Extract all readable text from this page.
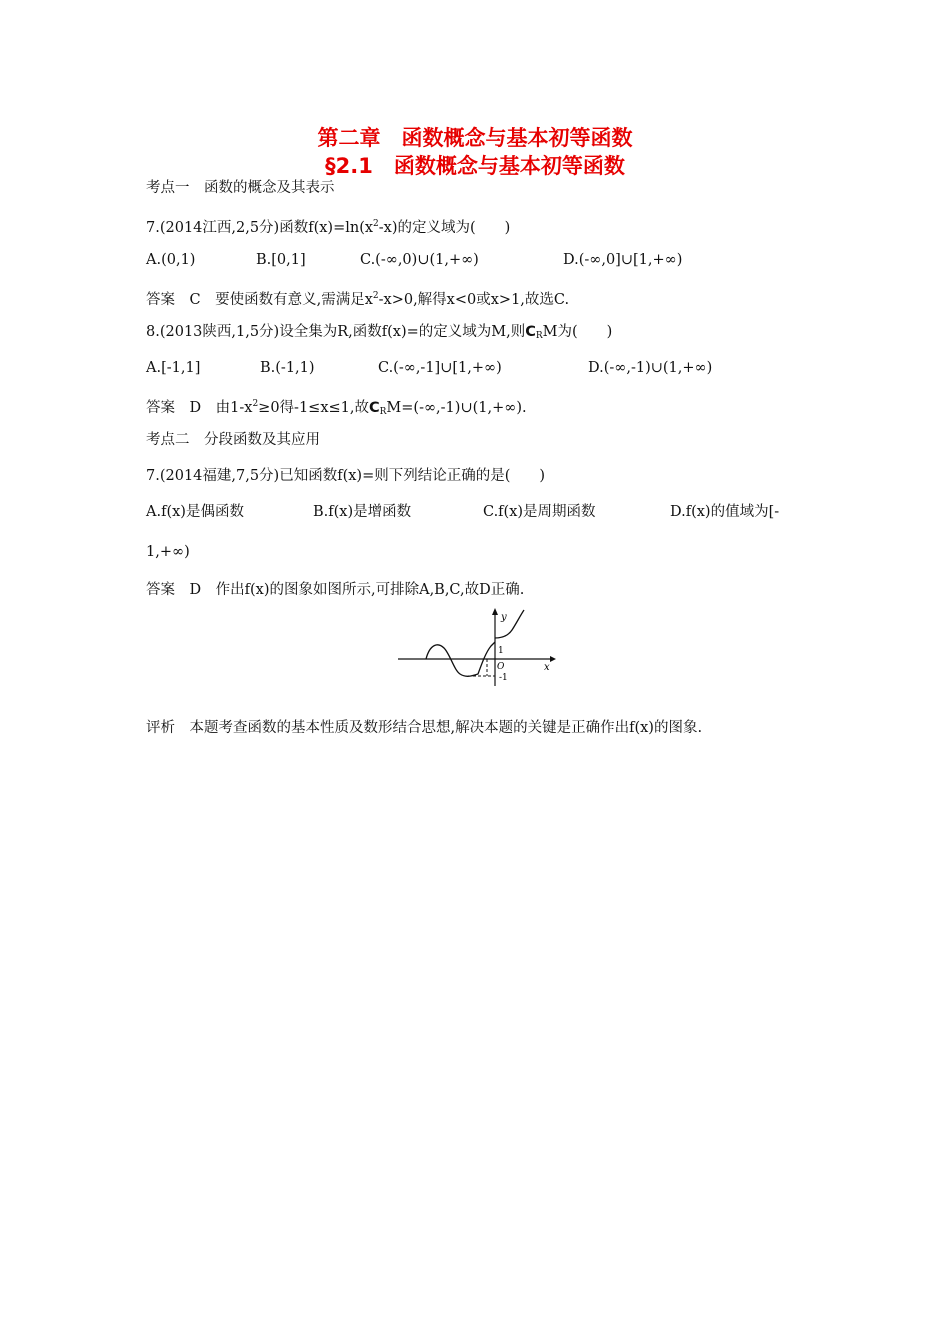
第二章　函数概念与基本初等函数
§2.1　函数概念与基本初等函数
考点一　函数的概念及其表示
7.(2014江西,2,5分)函数$f(x)=\ln(x^2-x)$的定义域为(　　)
A.(0,1)	B.[0,1]	C.(-∞,0)∪(1,+∞)	D.(-∞,0]∪[1,+∞)
答案　C　要使函数有意义,需满足$x^2-x>0$,解得x<0或x>1,故选C.
8.(2013陕西,1,5分)设全集为R,函数f(x)=的定义域为M,则$C_RM$为(　　)
A.[-1,1]	B.(-1,1)	C.(-∞,-1]∪[1,+∞)	D.(-∞,-1)∪(1,+∞)
答案　D　由$1-x^2\ge 0$得-1≤x≤1,故$C_RM=(-\infty,-1)\cup(1,+\infty)$.
考点二　分段函数及其应用
7.(2014福建,7,5分)已知函数f(x)=则下列结论正确的是(　　)
A.f(x)是偶函数	B.f(x)是增函数	C.f(x)是周期函数	D.f(x)的值域为[-
1,+∞)
答案　D　作出f(x)的图象如图所示,可排除A,B,C,故D正确.
y
x
1
O
-1
评析　本题考查函数的基本性质及数形结合思想,解决本题的关键是正确作出f(x)的图象.
